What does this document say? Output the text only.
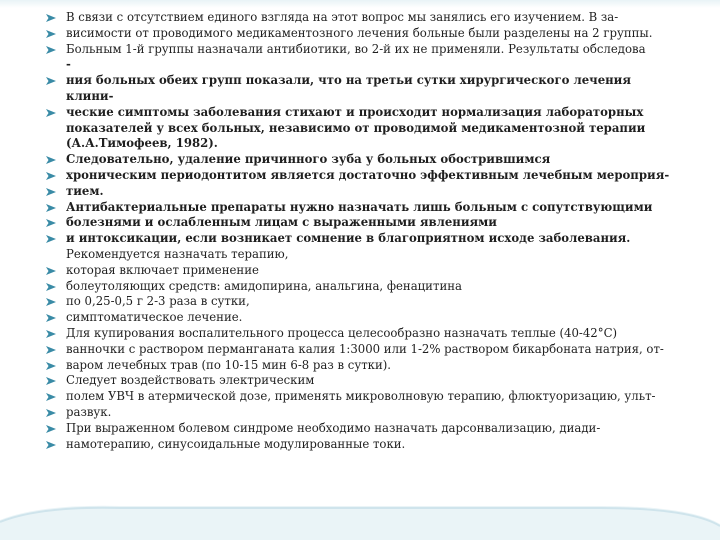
В связи с отсутствием единого взгляда на этот вопрос мы занялись его изучением. В за-
висимости от проводимого медикаментозного лечения больные были разделены на 2 группы.
Больным 1-й группы назначали антибиотики, во 2-й их не применяли. Результаты обследова
-
ния больных обеих групп показали, что на третьи сутки хирургического лечения
клини-
ческие симптомы заболевания стихают и происходит нормализация лабораторных
показателей у всех больных, независимо от проводимой медикаментозной терапии
(А.А.Тимофеев, 1982).
Следовательно, удаление причинного зуба у больных обострившимся
хроническим периодонтитом является достаточно эффективным лечебным мероприя-
тием.
Антибактериальные препараты нужно назначать лишь больным с сопутствующими
болезнями и ослабленным лицам с выраженными явлениями
и интоксикации, если возникает сомнение в благоприятном исходе заболевания.
Рекомендуется назначать терапию,
которая включает применение
болеутоляющих средств: амидопирина, анальгина, фенацитина
по 0,25-0,5 г 2-3 раза в сутки,
симптоматическое лечение.
Для купирования воспалительного процесса целесообразно назначать теплые (40-42°С)
ванночки с раствором перманганата калия 1:3000 или 1-2% раствором бикарбоната натрия, от-
варом лечебных трав (по 10-15 мин 6-8 раз в сутки).
Следует воздействовать электрическим
полем УВЧ в атермической дозе, применять микроволновую терапию, флюктуоризацию, ульт-
развук.
При выраженном болевом синдроме необходимо назначать дарсонвализацию, диади-
намотерапию, синусоидальные модулированные токи.
